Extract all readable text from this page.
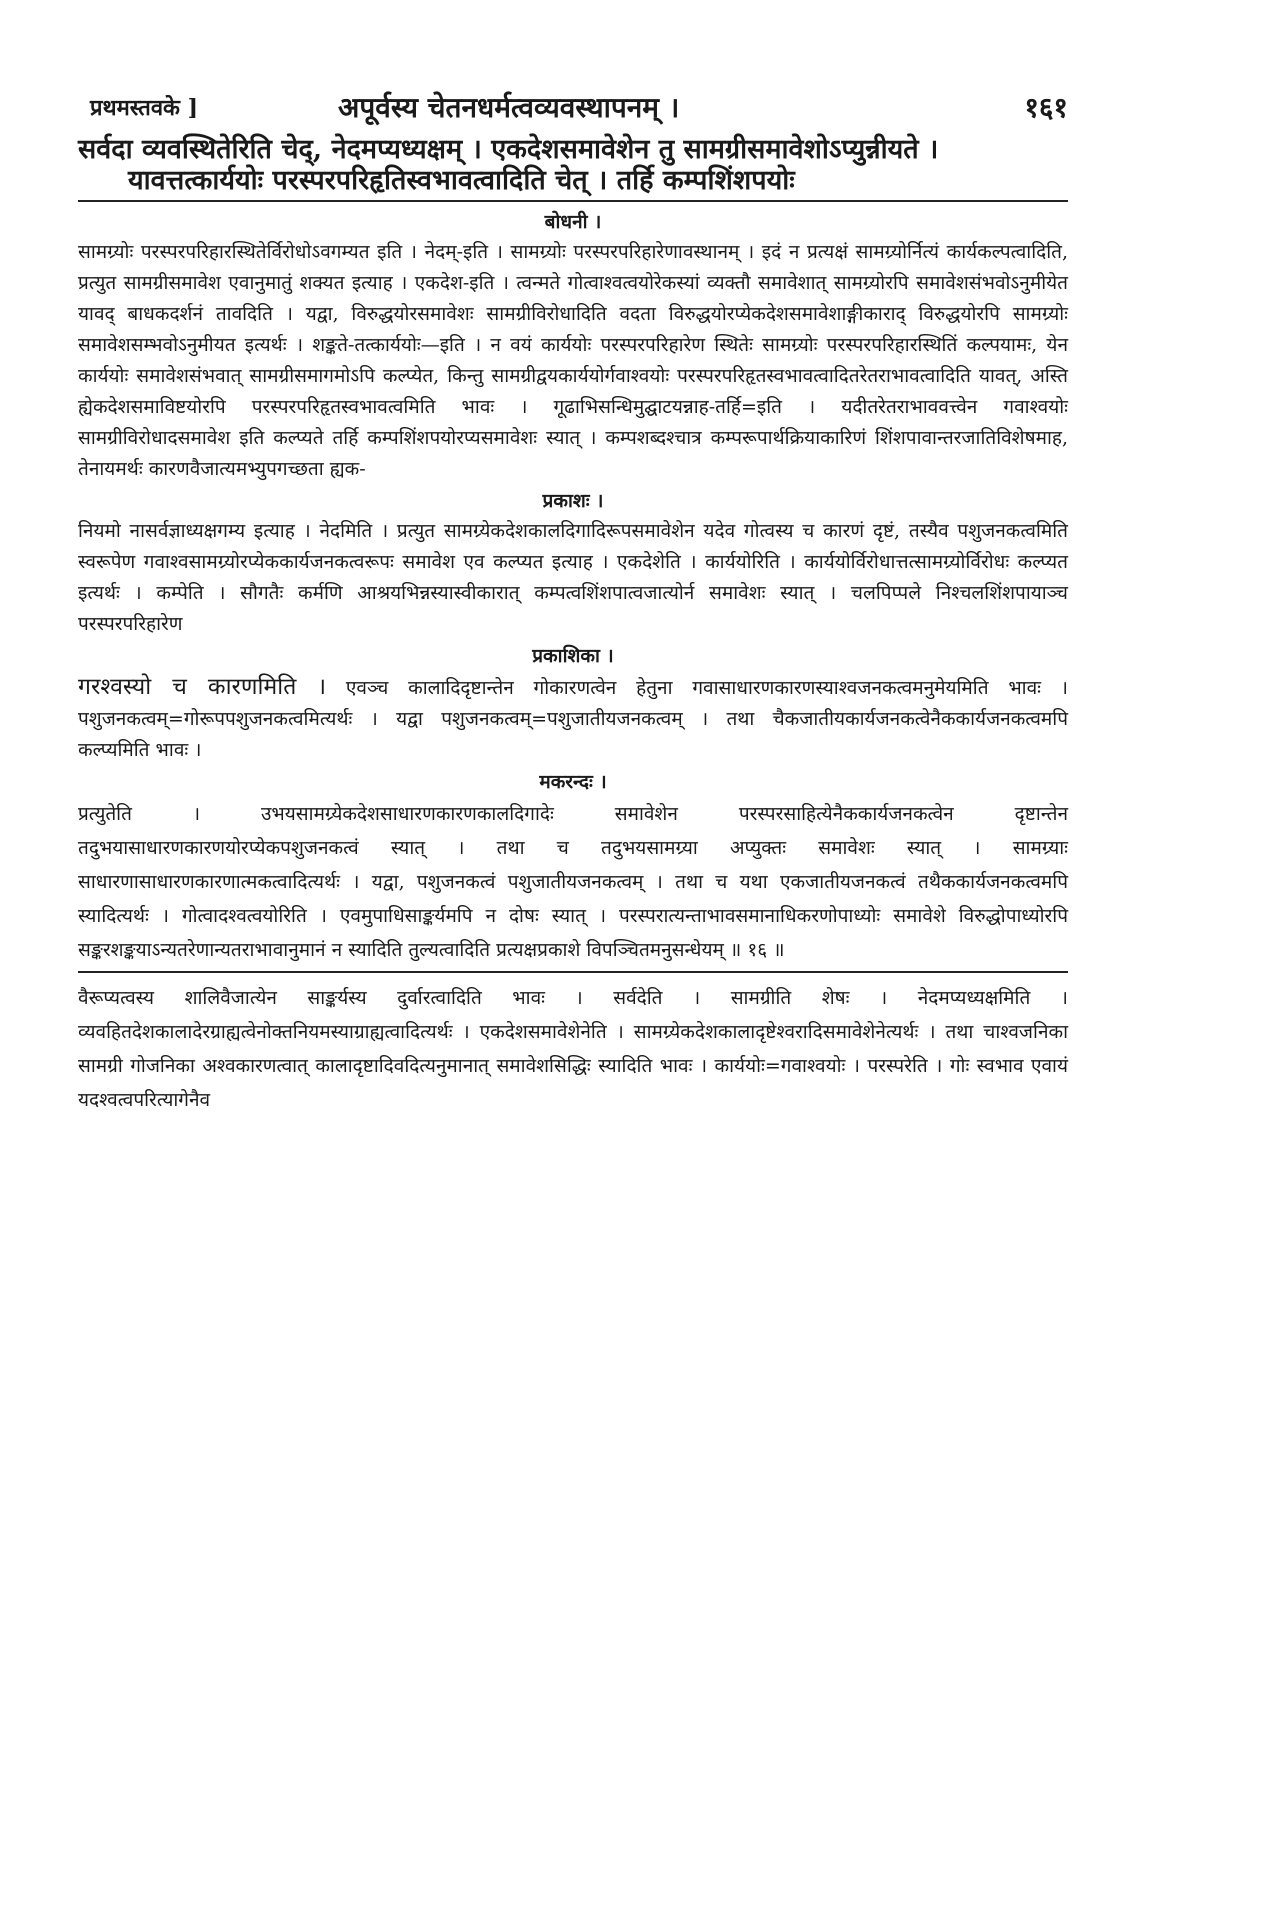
प्रथमस्तवके ]	अपूर्वस्य चेतनधर्मत्वव्यवस्थापनम् ।	१६१

सर्वदा व्यवस्थितेरिति चेद्, नेदमप्यध्यक्षम् । एकदेशसमावेशेन तु सामग्रीसमावेशोऽप्युन्नीयते ।

यावत्तत्कार्ययोः परस्परपरिहृतिस्वभावत्वादिति चेत् । तर्हि कम्पशिंशपयोः

बोधनी ।

सामग्र्योः परस्परपरिहारस्थितेर्विरोधोऽवगम्यत इति । नेदम्-इति । सामग्र्योः परस्परपरिहारेणावस्थानम् । इदं न प्रत्यक्षं सामग्र्योर्नित्यं कार्यकल्पत्वादिति, प्रत्युत सामग्रीसमावेश एवानुमातुं शक्यत इत्याह । एकदेश-इति । त्वन्मते गोत्वाश्वत्वयोरेकस्यां व्यक्तौ समावेशात् सामग्र्योरपि समावेशसंभवोऽनुमीयेत यावद् बाधकदर्शनं तावदिति । यद्वा, विरुद्धयोरसमावेशः सामग्रीविरोधादिति वदता विरुद्धयोरप्येकदेशसमावेशाङ्गीकाराद् विरुद्धयोरपि सामग्र्योः समावेशसम्भवोऽनुमीयत इत्यर्थः । शङ्कते-तत्कार्ययोः—इति । न वयं कार्ययोः परस्परपरिहारेण स्थितेः सामग्र्योः परस्परपरिहारस्थितिं कल्पयामः, येन कार्ययोः समावेशसंभवात् सामग्रीसमागमोऽपि कल्प्येत, किन्तु सामग्रीद्वयकार्ययोर्गवाश्वयोः परस्परपरिहृतस्वभावत्वादितरेतराभावत्वादिति यावत्, अस्ति ह्येकदेशसमाविष्टयोरपि परस्परपरिहृतस्वभावत्वमिति भावः । गूढाभिसन्धिमुद्घाटयन्नाह-तर्हि=इति । यदीतरेतराभाववत्त्वेन गवाश्वयोः सामग्रीविरोधादसमावेश इति कल्प्यते तर्हि कम्पशिंशपयोरप्यसमावेशः स्यात् । कम्पशब्दश्चात्र कम्परूपार्थक्रियाकारिणं शिंशपावान्तरजातिविशेषमाह, तेनायमर्थः कारणवैजात्यमभ्युपगच्छता ह्यक-

प्रकाशः ।

नियमो नासर्वज्ञाध्यक्षगम्य इत्याह । नेदमिति । प्रत्युत सामग्र्येकदेशकालदिगादिरूपसमावेशेन यदेव गोत्वस्य च कारणं दृष्टं, तस्यैव पशुजनकत्वमिति स्वरूपेण गवाश्वसामग्र्योरप्येककार्यजनकत्वरूपः समावेश एव कल्प्यत इत्याह । एकदेशेति । कार्ययोरिति । कार्ययोर्विरोधात्तत्सामग्र्योर्विरोधः कल्प्यत इत्यर्थः । कम्पेति । सौगतैः कर्मणि आश्रयभिन्नस्यास्वीकारात् कम्पत्वशिंशपात्वजात्योर्न समावेशः स्यात् । चलपिप्पले निश्चलशिंशपायाञ्च परस्परपरिहारेण

प्रकाशिका ।

गरश्वस्यो च कारणमिति । एवञ्च कालादिदृष्टान्तेन गोकारणत्वेन हेतुना गवासाधारणकारणस्याश्वजनकत्वमनुमेयमिति भावः । पशुजनकत्वम्=गोरूपपशुजनकत्वमित्यर्थः । यद्वा पशुजनकत्वम्=पशुजातीयजनकत्वम् । तथा चैकजातीयकार्यजनकत्वेनैककार्यजनकत्वमपि कल्प्यमिति भावः ।

मकरन्दः ।

प्रत्युतेति । उभयसामग्र्येकदेशसाधारणकारणकालदिगादेः समावेशेन परस्परसाहित्येनैककार्यजनकत्वेन दृष्टान्तेन तदुभयासाधारणकारणयोरप्येकपशुजनकत्वं स्यात् । तथा च तदुभयसामग्र्या अप्युक्तः समावेशः स्यात् । सामग्र्याः साधारणासाधारणकारणात्मकत्वादित्यर्थः । यद्वा, पशुजनकत्वं पशुजातीयजनकत्वम् । तथा च यथा एकजातीयजनकत्वं तथैककार्यजनकत्वमपि स्यादित्यर्थः । गोत्वादश्वत्वयोरिति । एवमुपाधिसाङ्कर्यमपि न दोषः स्यात् । परस्परात्यन्ताभावसमानाधिकरणोपाध्योः समावेशे विरुद्धोपाध्योरपि सङ्करशङ्कयाऽन्यतरेणान्यतराभावानुमानं न स्यादिति तुल्यत्वादिति प्रत्यक्षप्रकाशे विपञ्चितमनुसन्धेयम् ॥ १६ ॥

वैरूप्यत्वस्य शालिवैजात्येन साङ्कर्यस्य दुर्वारत्वादिति भावः । सर्वदेति । सामग्रीति शेषः । नेदमप्यध्यक्षमिति । व्यवहितदेशकालादेरग्राह्यत्वेनोक्तनियमस्याग्राह्यत्वादित्यर्थः । एकदेशसमावेशेनेति । सामग्र्येकदेशकालादृष्टेश्वरादिसमावेशेनेत्यर्थः । तथा चाश्वजनिका सामग्री गोजनिका अश्वकारणत्वात् कालादृष्टादिवदित्यनुमानात् समावेशसिद्धिः स्यादिति भावः । कार्ययोः=गवाश्वयोः । परस्परेति । गोः स्वभाव एवायं यदश्वत्वपरित्यागेनैव
